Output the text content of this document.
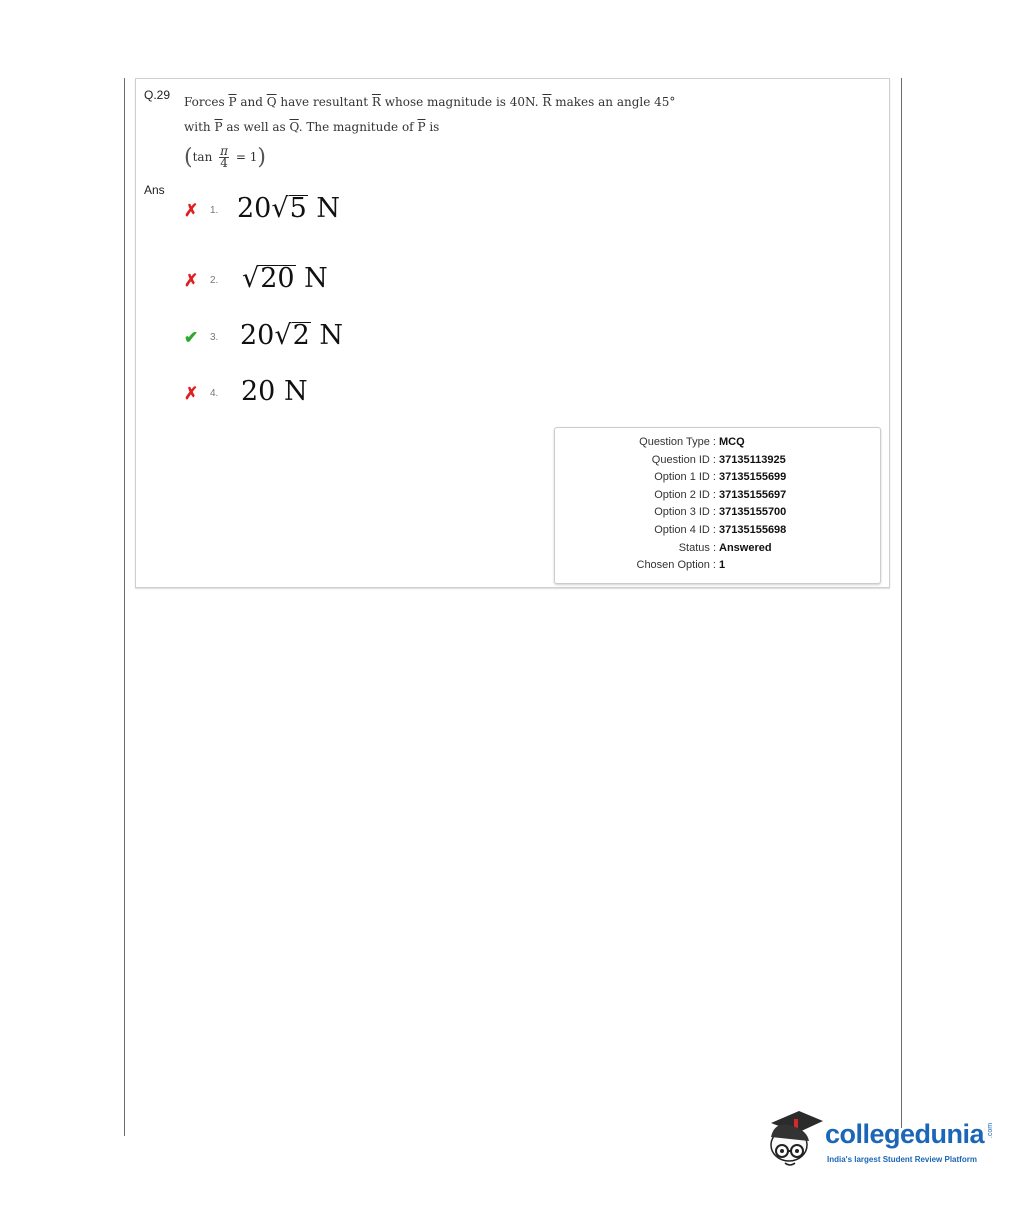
Q.29 Forces $\overline{P}$ and $\overline{Q}$ have resultant $\overline{R}$ whose magnitude is 40N. $\overline{R}$ makes an angle 45°
with $\overline{P}$ as well as $\overline{Q}$. The magnitude of $\overline{P}$ is
$(\tan \frac{\pi}{4} = 1)$
Ans
✗ 1. 20√5 N
✗ 2. √20 N
✔ 3. 20√2 N
✗ 4. 20 N
Question Type : MCQ
Question ID : 37135113925
Option 1 ID : 37135155699
Option 2 ID : 37135155697
Option 3 ID : 37135155700
Option 4 ID : 37135155698
Status : Answered
Chosen Option : 1
collegedunia .com
India's largest Student Review Platform
